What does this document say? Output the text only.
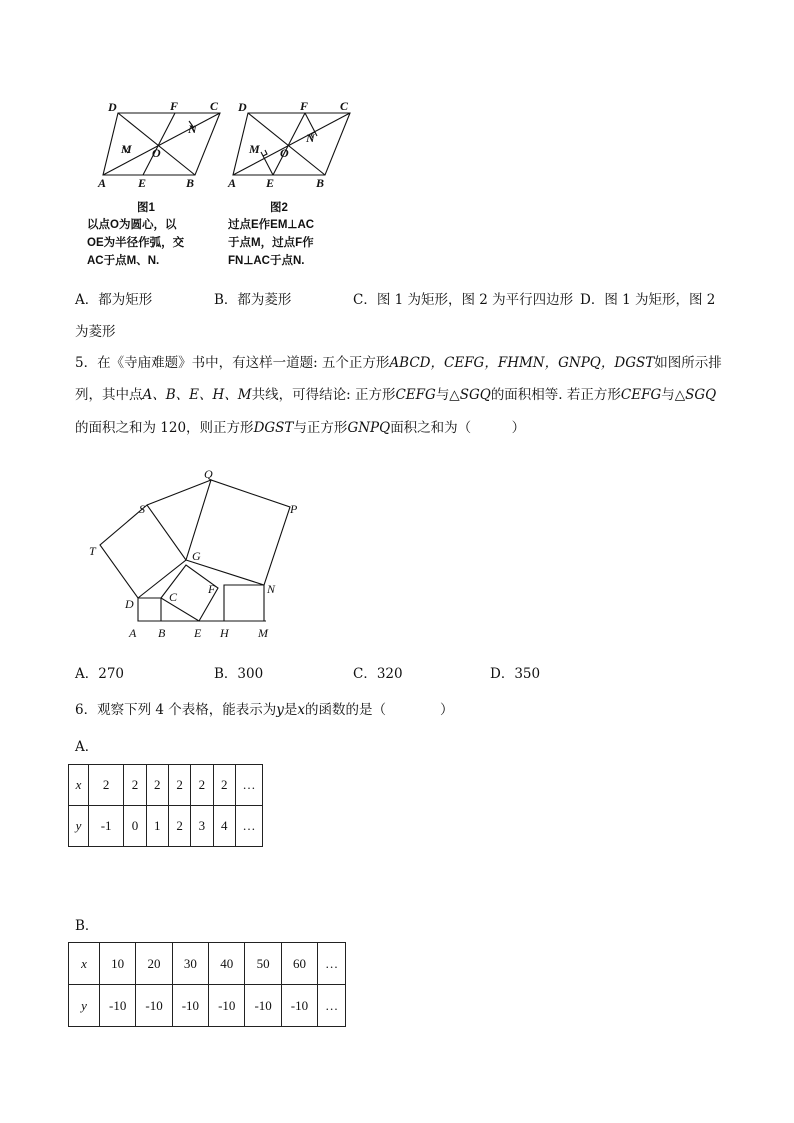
D	F	C
N
M O
A	E	B
D	F	C
N
M O
A E	B
图1
以点O为圆心，以
OE为半径作弧，交
AC于点M、N.
图2
过点E作EM⊥AC
于点M，过点F作
FN⊥AC于点N.
A．都为矩形	B．都为菱形	C．图 1 为矩形，图 2 为平行四边形 D．图 1 为矩形，图 2
为菱形
5．在《寺庙难题》书中，有这样一道题: 五个正方形ABCD，CEFG，FHMN，GNPQ，DGST如图所示排
列，其中点A、B、E、H、M共线，可得结论: 正方形CEFG与△SGQ的面积相等. 若正方形CEFG与△SGQ
的面积之和为 120，则正方形DGST与正方形GNPQ面积之和为（　　　）
Q
S	P
T	G
N
F
C
D
A B E H M
A．270	B．300	C．320	D．350
6．观察下列 4 个表格，能表示为y是x的函数的是（　　　　）
A．
x	2	2	2	2	2	2	…
y	-1	0	1	2	3	4	…
B．
x	10	20	30	40	50	60	…
y	-10	-10	-10	-10	-10	-10	…
